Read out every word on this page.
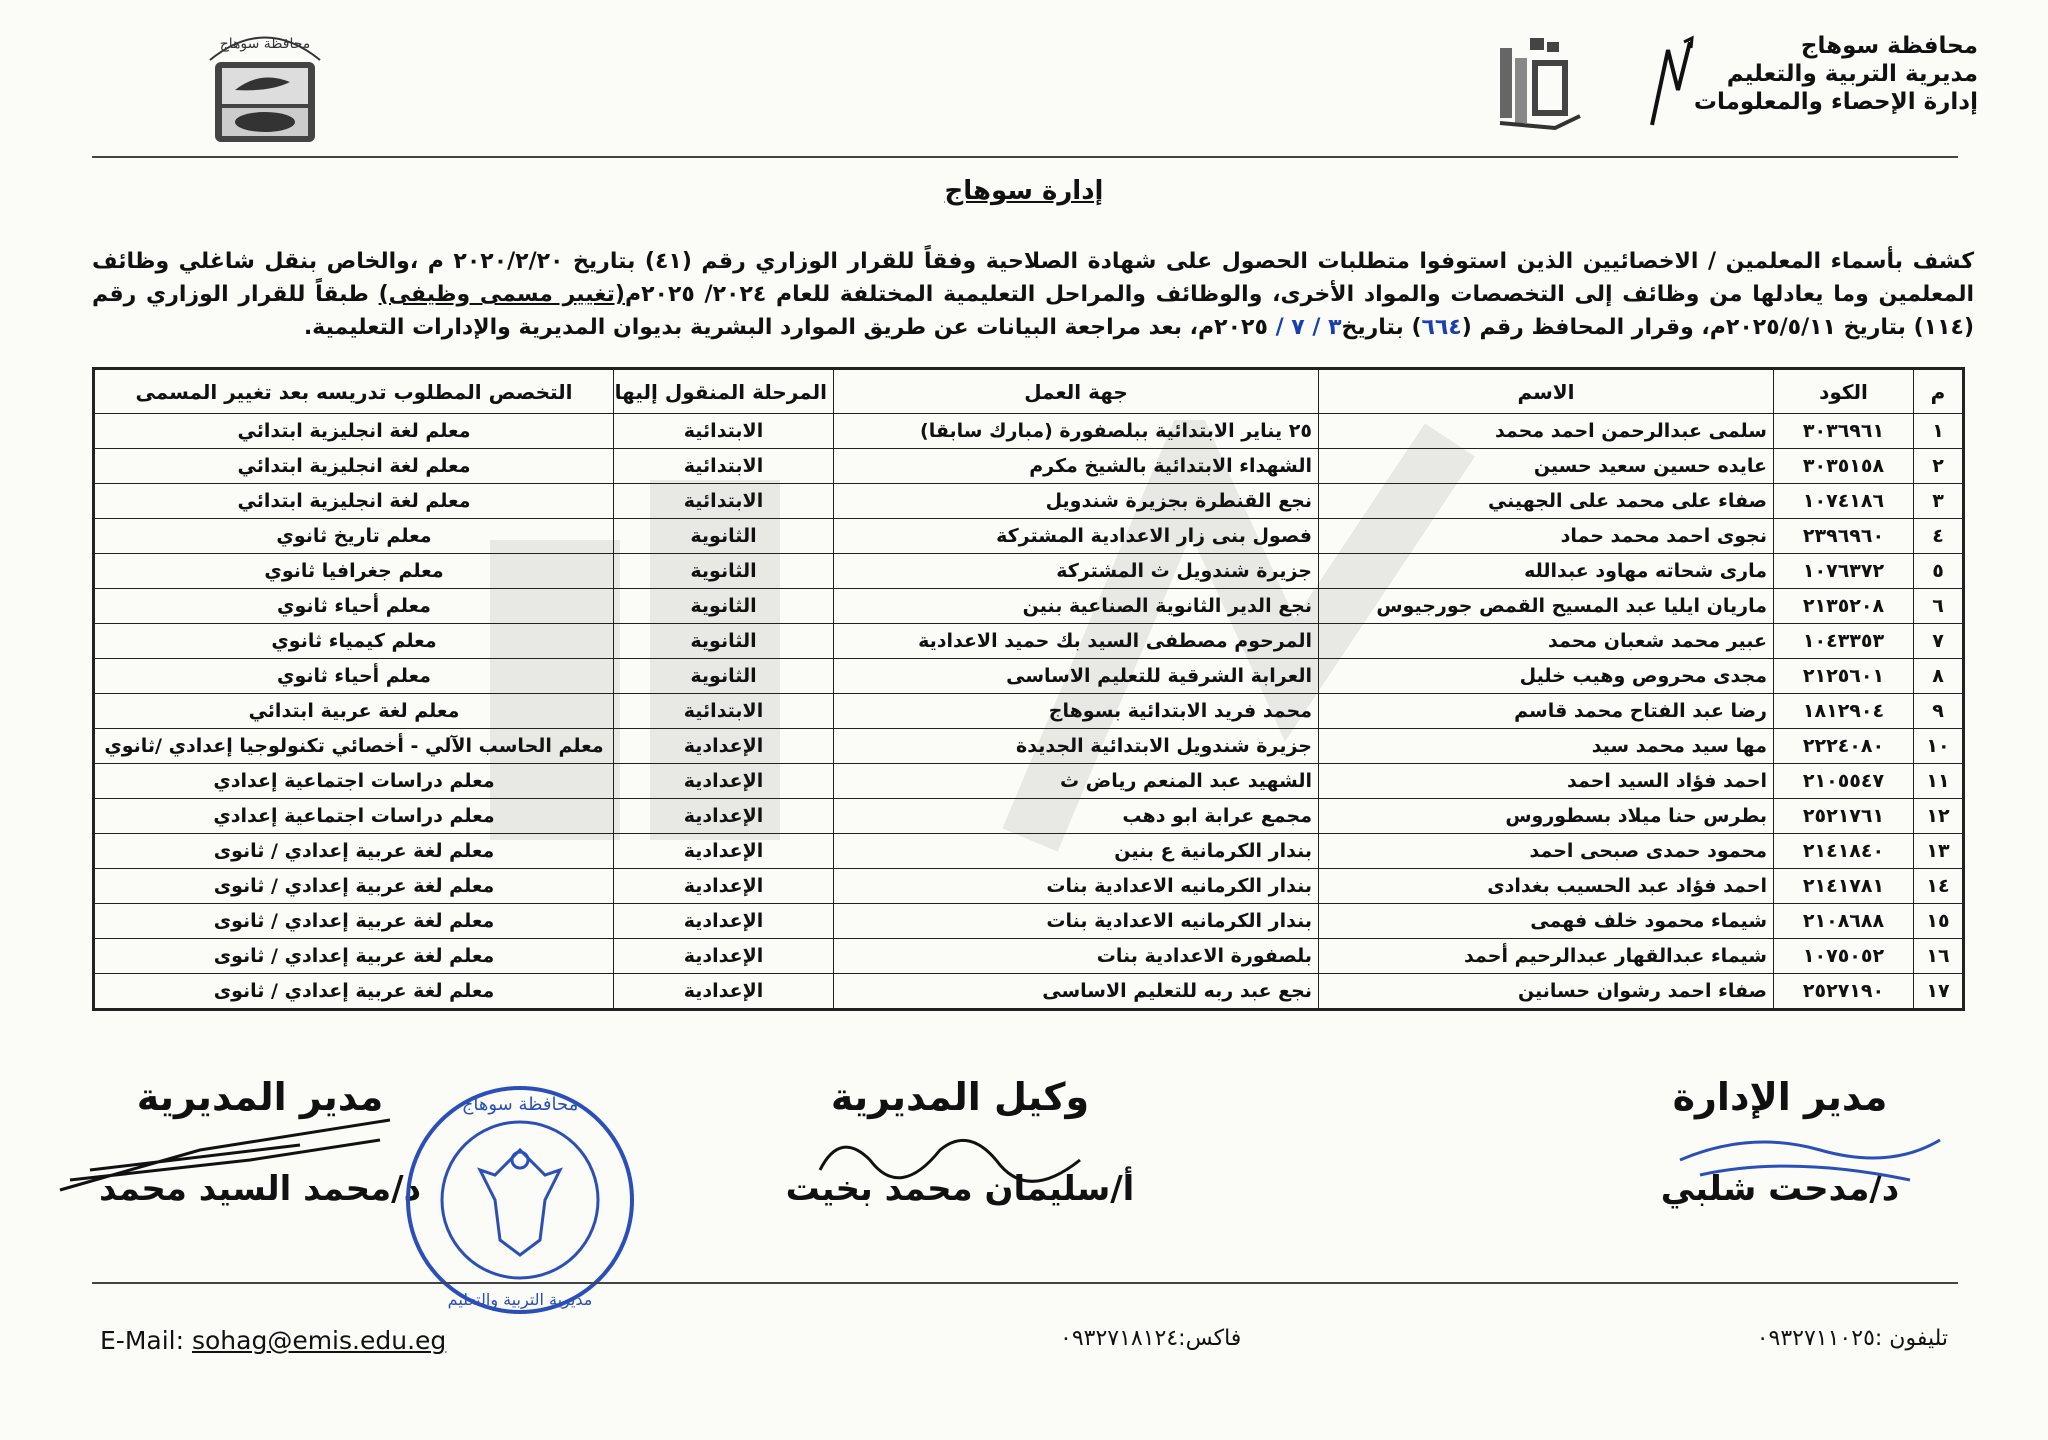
محافظة سوهاج
مديرية التربية والتعليم
إدارة الإحصاء والمعلومات
محافظة سوهاج
إدارة سوهاج
كشف بأسماء المعلمين / الاخصائيين الذين استوفوا متطلبات الحصول على شهادة الصلاحية وفقاً للقرار الوزاري رقم (٤١) بتاريخ ٢٠٢٠/٢/٢٠ م ،والخاص بنقل شاغلي وظائف المعلمين وما يعادلها من وظائف إلى التخصصات والمواد الأخرى، والوظائف والمراحل التعليمية المختلفة للعام ٢٠٢٤/ ٢٠٢٥م(تغيير مسمى وظيفى) طبقاً للقرار الوزاري رقم (١١٤) بتاريخ ٢٠٢٥/٥/١١م، وقرار المحافظ رقم (٦٦٤) بتاريخ٣ / ٧ / ٢٠٢٥م، بعد مراجعة البيانات عن طريق الموارد البشرية بديوان المديرية والإدارات التعليمية.
م	الكود	الاسم	جهة العمل	المرحلة المنقول إليها	التخصص المطلوب تدريسه بعد تغيير المسمى
١	٣٠٣٦٩٦١	سلمى عبدالرحمن احمد محمد	٢٥ يناير الابتدائية ببلصفورة (مبارك سابقا)	الابتدائية	معلم لغة انجليزية ابتدائي
٢	٣٠٣٥١٥٨	عايده حسين سعيد حسين	الشهداء الابتدائية بالشيخ مكرم	الابتدائية	معلم لغة انجليزية ابتدائي
٣	١٠٧٤١٨٦	صفاء على محمد على الجهيني	نجع القنطرة بجزيرة شندويل	الابتدائية	معلم لغة انجليزية ابتدائي
٤	٢٣٩٦٩٦٠	نجوى احمد محمد حماد	فصول بنى زار الاعدادية المشتركة	الثانوية	معلم تاريخ ثانوي
٥	١٠٧٦٣٧٢	مارى شحاته مهاود عبدالله	جزيرة شندويل ث المشتركة	الثانوية	معلم جغرافيا ثانوي
٦	٢١٣٥٢٠٨	ماريان ايليا عبد المسيح القمص جورجيوس	نجع الدير الثانوية الصناعية بنين	الثانوية	معلم أحياء ثانوي
٧	١٠٤٣٣٥٣	عبير محمد شعبان محمد	المرحوم مصطفى السيد بك حميد الاعدادية	الثانوية	معلم كيمياء ثانوي
٨	٢١٢٥٦٠١	مجدى محروص وهيب خليل	العرابة الشرقية للتعليم الاساسى	الثانوية	معلم أحياء ثانوي
٩	١٨١٢٩٠٤	رضا عبد الفتاح محمد قاسم	محمد فريد الابتدائية بسوهاج	الابتدائية	معلم لغة عربية ابتدائي
١٠	٢٢٢٤٠٨٠	مها سيد محمد سيد	جزيرة شندويل الابتدائية الجديدة	الإعدادية	معلم الحاسب الآلي - أخصائي تكنولوجيا إعدادي /ثانوي
١١	٢١٠٥٥٤٧	احمد فؤاد السيد احمد	الشهيد عبد المنعم رياض ث	الإعدادية	معلم دراسات اجتماعية إعدادي
١٢	٢٥٢١٧٦١	بطرس حنا ميلاد بسطوروس	مجمع عرابة ابو دهب	الإعدادية	معلم دراسات اجتماعية إعدادي
١٣	٢١٤١٨٤٠	محمود حمدى صبحى احمد	بندار الكرمانية ع بنين	الإعدادية	معلم لغة عربية إعدادي / ثانوى
١٤	٢١٤١٧٨١	احمد فؤاد عبد الحسيب بغدادى	بندار الكرمانيه الاعدادية بنات	الإعدادية	معلم لغة عربية إعدادي / ثانوى
١٥	٢١٠٨٦٨٨	شيماء محمود خلف فهمى	بندار الكرمانيه الاعدادية بنات	الإعدادية	معلم لغة عربية إعدادي / ثانوى
١٦	١٠٧٥٠٥٢	شيماء عبدالقهار عبدالرحيم أحمد	بلصفورة الاعدادية بنات	الإعدادية	معلم لغة عربية إعدادي / ثانوى
١٧	٢٥٢٧١٩٠	صفاء احمد رشوان حسانين	نجع عبد ربه للتعليم الاساسى	الإعدادية	معلم لغة عربية إعدادي / ثانوى
مدير الإدارة
د/مدحت شلبي
وكيل المديرية
أ/سليمان محمد بخيت
مدير المديرية
د/محمد السيد محمد
محافظة سوهاج
مديرية التربية والتعليم
E-Mail: sohag@emis.edu.eg	فاكس:٠٩٣٢٧١٨١٢٤	تليفون :٠٩٣٢٧١١٠٢٥
